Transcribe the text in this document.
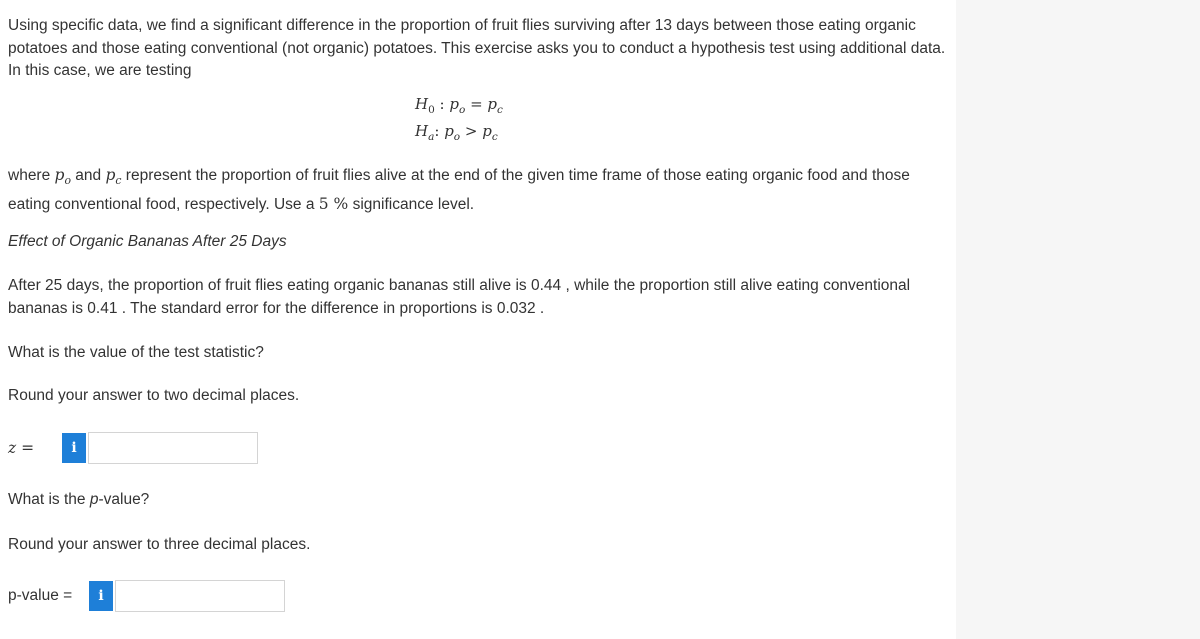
Using specific data, we find a significant difference in the proportion of fruit flies surviving after 13 days between those eating organic potatoes and those eating conventional (not organic) potatoes. This exercise asks you to conduct a hypothesis test using additional data. In this case, we are testing
$H_0$ : $p_o = p_c$
$H_a$: $p_o > p_c$
where $p_o$ and $p_c$ represent the proportion of fruit flies alive at the end of the given time frame of those eating organic food and those eating conventional food, respectively. Use a 5 % significance level.
Effect of Organic Bananas After 25 Days
After 25 days, the proportion of fruit flies eating organic bananas still alive is 0.44 , while the proportion still alive eating conventional bananas is 0.41 . The standard error for the difference in proportions is 0.032 .
What is the value of the test statistic?
Round your answer to two decimal places.
z =	i
What is the p-value?
Round your answer to three decimal places.
p-value =	i
